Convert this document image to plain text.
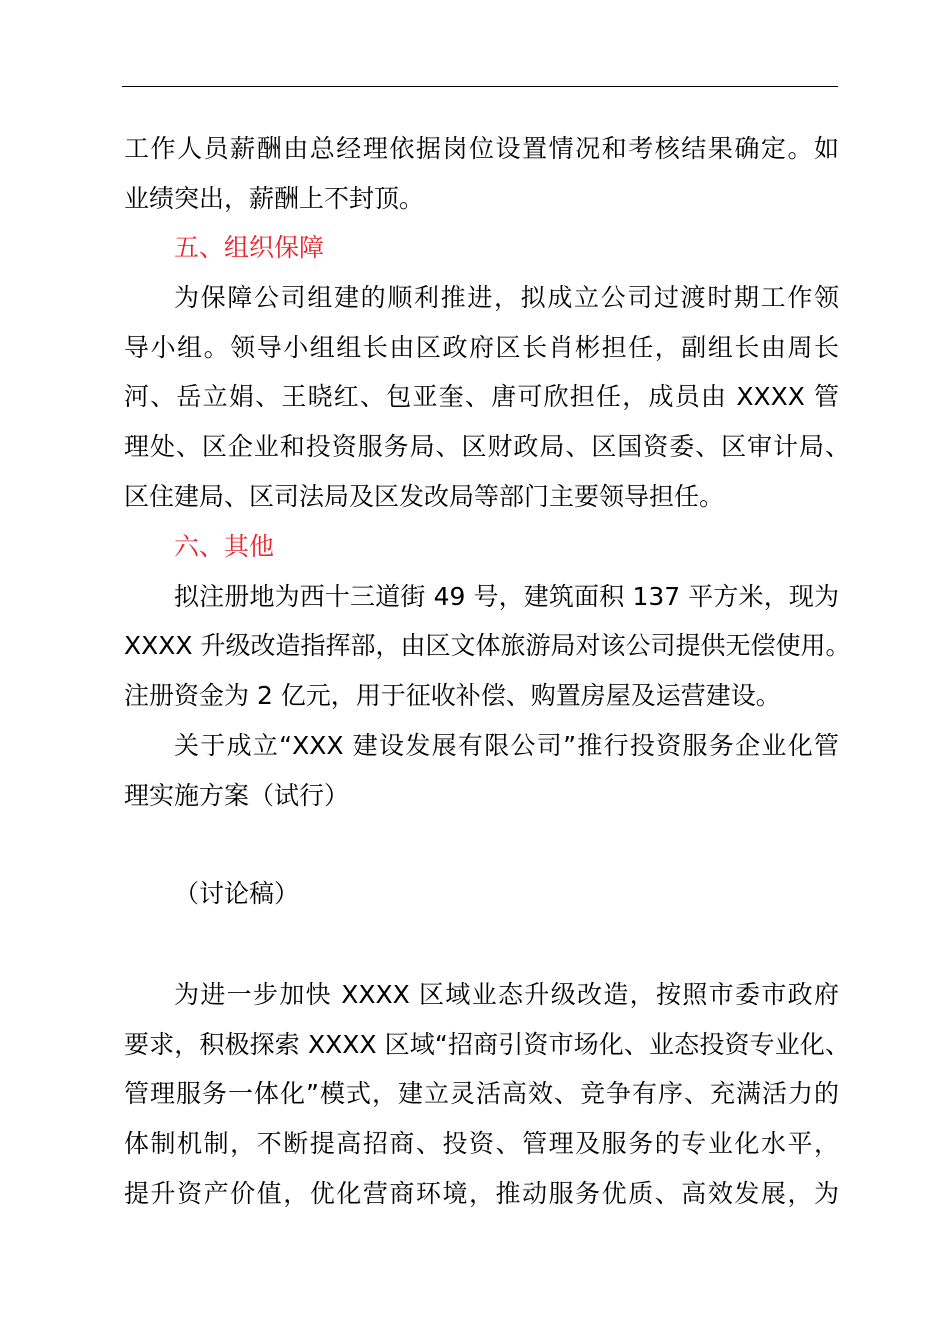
工作人员薪酬由总经理依据岗位设置情况和考核结果确定。如
业绩突出，薪酬上不封顶。
五、组织保障
为保障公司组建的顺利推进，拟成立公司过渡时期工作领
导小组。领导小组组长由区政府区长肖彬担任，副组长由周长
河、岳立娟、王晓红、包亚奎、唐可欣担任，成员由 XXXX 管
理处、区企业和投资服务局、区财政局、区国资委、区审计局、
区住建局、区司法局及区发改局等部门主要领导担任。
六、其他
拟注册地为西十三道街 49 号，建筑面积 137 平方米，现为
XXXX 升级改造指挥部，由区文体旅游局对该公司提供无偿使用。
注册资金为 2 亿元，用于征收补偿、购置房屋及运营建设。
关于成立“XXX 建设发展有限公司”推行投资服务企业化管
理实施方案（试行）
（讨论稿）
为进一步加快 XXXX 区域业态升级改造，按照市委市政府
要求，积极探索 XXXX 区域“招商引资市场化、业态投资专业化、
管理服务一体化”模式，建立灵活高效、竞争有序、充满活力的
体制机制，不断提高招商、投资、管理及服务的专业化水平，
提升资产价值，优化营商环境，推动服务优质、高效发展，为
